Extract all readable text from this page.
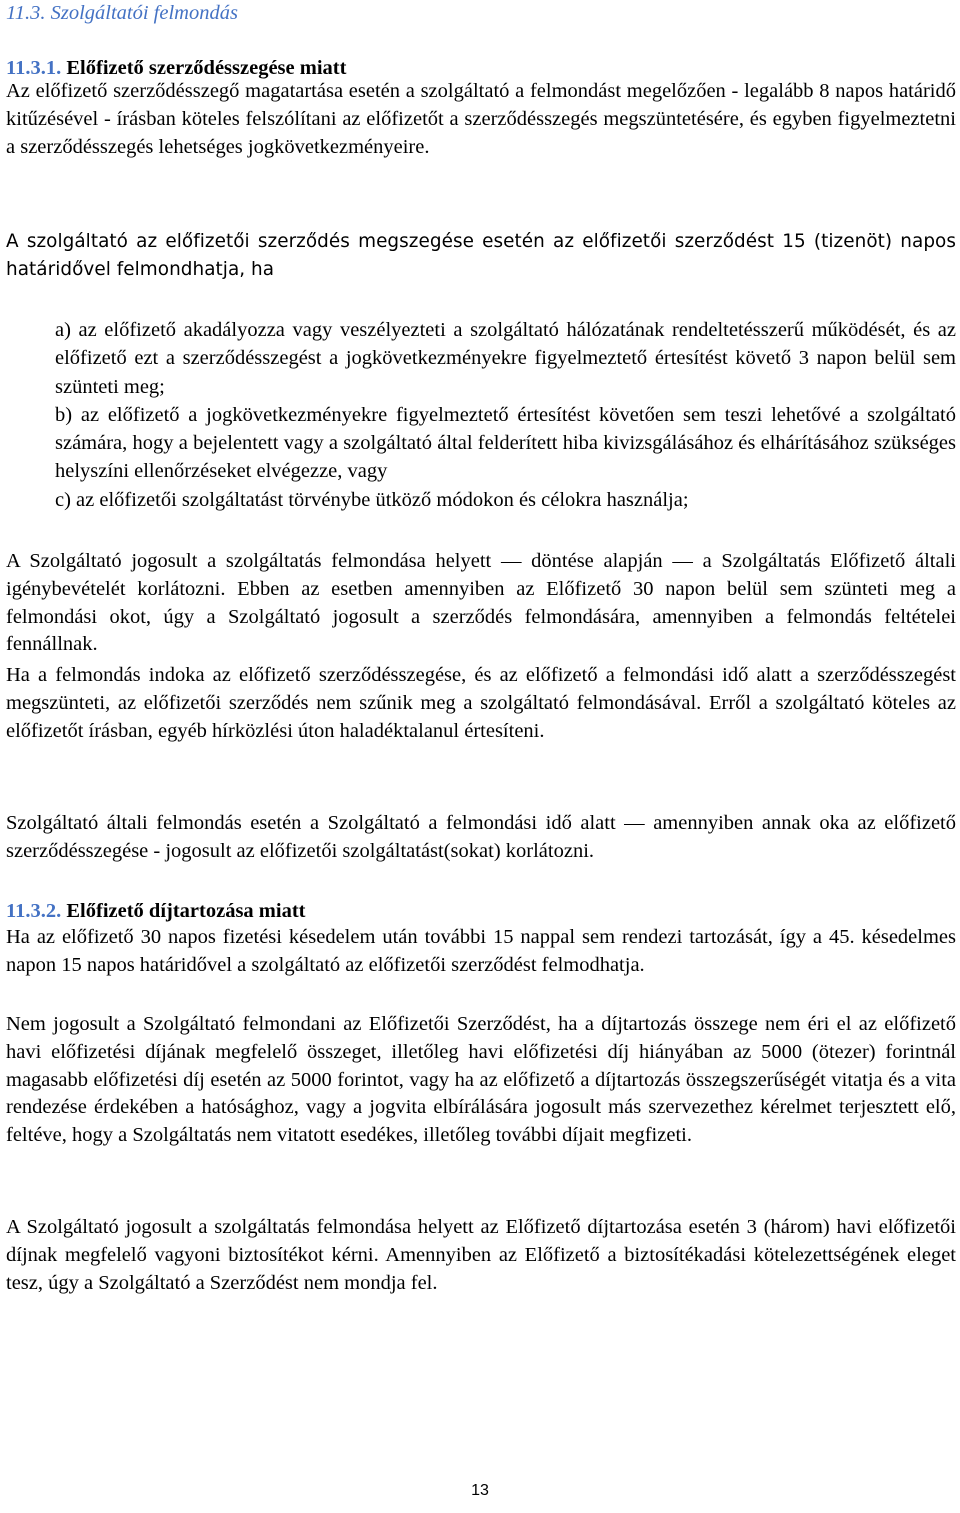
11.3. Szolgáltatói felmondás
11.3.1. Előfizető szerződésszegése miatt
Az előfizető szerződésszegő magatartása esetén a szolgáltató a felmondást megelőzően - legalább 8 napos határidő kitűzésével - írásban köteles felszólítani az előfizetőt a szerződésszegés megszüntetésére, és egyben figyelmeztetni a szerződésszegés lehetséges jogkövetkezményeire.
A szolgáltató az előfizetői szerződés megszegése esetén az előfizetői szerződést 15 (tizenöt) napos határidővel felmondhatja, ha

a) az előfizető akadályozza vagy veszélyezteti a szolgáltató hálózatának rendeltetésszerű működését, és az előfizető ezt a szerződésszegést a jogkövetkezményekre figyelmeztető értesítést követő 3 napon belül sem szünteti meg;

b) az előfizető a jogkövetkezményekre figyelmeztető értesítést követően sem teszi lehetővé a szolgáltató számára, hogy a bejelentett vagy a szolgáltató által felderített hiba kivizsgálásához és elhárításához szükséges helyszíni ellenőrzéseket elvégezze, vagy

c) az előfizetői szolgáltatást törvénybe ütköző módokon és célokra használja;

A Szolgáltató jogosult a szolgáltatás felmondása helyett — döntése alapján — a Szolgáltatás Előfizető általi igénybevételét korlátozni. Ebben az esetben amennyiben az Előfizető 30 napon belül sem szünteti meg a felmondási okot, úgy a Szolgáltató jogosult a szerződés felmondására, amennyiben a felmondás feltételei fennállnak.
Ha a felmondás indoka az előfizető szerződésszegése, és az előfizető a felmondási idő alatt a szerződésszegést megszünteti, az előfizetői szerződés nem szűnik meg a szolgáltató felmondásával. Erről a szolgáltató köteles az előfizetőt írásban, egyéb hírközlési úton haladéktalanul értesíteni.
Szolgáltató általi felmondás esetén a Szolgáltató a felmondási idő alatt — amennyiben annak oka az előfizető szerződésszegése - jogosult az előfizetői szolgáltatást(sokat) korlátozni.
11.3.2. Előfizető díjtartozása miatt
Ha az előfizető 30 napos fizetési késedelem után további 15 nappal sem rendezi tartozását, így a 45. késedelmes napon 15 napos határidővel a szolgáltató az előfizetői szerződést felmodhatja.
Nem jogosult a Szolgáltató felmondani az Előfizetői Szerződést, ha a díjtartozás összege nem éri el az előfizető havi előfizetési díjának megfelelő összeget, illetőleg havi előfizetési díj hiányában az 5000 (ötezer) forintnál magasabb előfizetési díj esetén az 5000 forintot, vagy ha az előfizető a díjtartozás összegszerűségét vitatja és a vita rendezése érdekében a hatósághoz, vagy a jogvita elbírálására jogosult más szervezethez kérelmet terjesztett elő, feltéve, hogy a Szolgáltatás nem vitatott esedékes, illetőleg további díjait megfizeti.
A Szolgáltató jogosult a szolgáltatás felmondása helyett az Előfizető díjtartozása esetén 3 (három) havi előfizetői díjnak megfelelő vagyoni biztosítékot kérni. Amennyiben az Előfizető a biztosítékadási kötelezettségének eleget tesz, úgy a Szolgáltató a Szerződést nem mondja fel.
13
